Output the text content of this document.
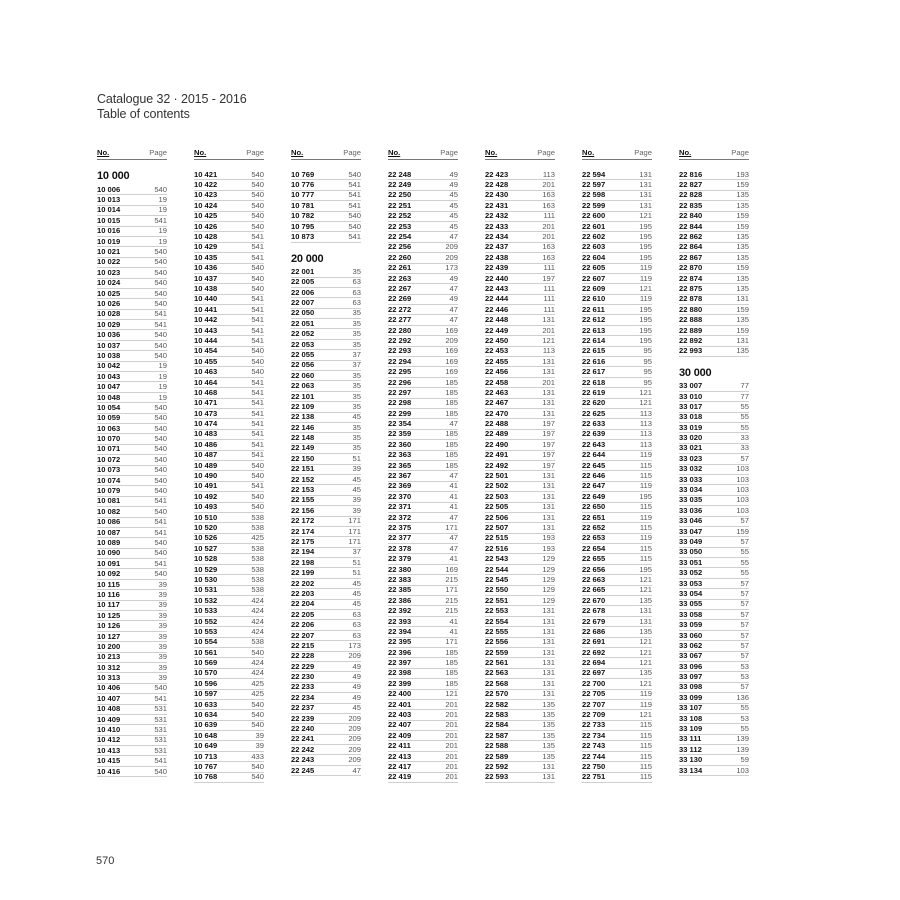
Catalogue 32 · 2015 - 2016
Table of contents
No.	Page
10 000
10 006	540
10 013	19
10 014	19
10 015	541
10 016	19
10 019	19
10 021	540
10 022	540
10 023	540
10 024	540
10 025	540
10 026	540
10 028	541
10 029	541
10 036	540
10 037	540
10 038	540
10 042	19
10 043	19
10 047	19
10 048	19
10 054	540
10 059	540
10 063	540
10 070	540
10 071	540
10 072	540
10 073	540
10 074	540
10 079	540
10 081	541
10 082	540
10 086	541
10 087	541
10 089	540
10 090	540
10 091	541
10 092	540
10 115	39
10 116	39
10 117	39
10 125	39
10 126	39
10 127	39
10 200	39
10 213	39
10 312	39
10 313	39
10 406	540
10 407	541
10 408	531
10 409	531
10 410	531
10 412	531
10 413	531
10 415	541
10 416	540
No.	Page
10 421	540
10 422	540
10 423	540
10 424	540
10 425	540
10 426	540
10 428	541
10 429	541
10 435	541
10 436	540
10 437	540
10 438	540
10 440	541
10 441	541
10 442	541
10 443	541
10 444	541
10 454	540
10 455	540
10 463	540
10 464	541
10 468	541
10 471	541
10 473	541
10 474	541
10 483	541
10 486	541
10 487	541
10 489	540
10 490	540
10 491	541
10 492	540
10 493	540
10 510	538
10 520	538
10 526	425
10 527	538
10 528	538
10 529	538
10 530	538
10 531	538
10 532	424
10 533	424
10 552	424
10 553	424
10 554	538
10 561	540
10 569	424
10 570	424
10 596	425
10 597	425
10 633	540
10 634	540
10 639	540
10 648	39
10 649	39
10 713	433
10 767	540
10 768	540
No.	Page
10 769	540
10 776	541
10 777	541
10 781	541
10 782	540
10 795	540
10 873	541
20 000
22 001	35
22 005	63
22 006	63
22 007	63
22 050	35
22 051	35
22 052	35
22 053	35
22 055	37
22 056	37
22 060	35
22 063	35
22 101	35
22 109	35
22 138	45
22 146	35
22 148	35
22 149	35
22 150	51
22 151	39
22 152	45
22 153	45
22 155	39
22 156	39
22 172	171
22 174	171
22 175	171
22 194	37
22 198	51
22 199	51
22 202	45
22 203	45
22 204	45
22 205	63
22 206	63
22 207	63
22 215	173
22 228	209
22 229	49
22 230	49
22 233	49
22 234	49
22 237	45
22 239	209
22 240	209
22 241	209
22 242	209
22 243	209
22 245	47
No.	Page
22 248	49
22 249	49
22 250	45
22 251	45
22 252	45
22 253	45
22 254	47
22 256	209
22 260	209
22 261	173
22 263	49
22 267	47
22 269	49
22 272	47
22 277	47
22 280	169
22 292	209
22 293	169
22 294	169
22 295	169
22 296	185
22 297	185
22 298	185
22 299	185
22 354	47
22 359	185
22 360	185
22 363	185
22 365	185
22 367	47
22 369	41
22 370	41
22 371	41
22 372	47
22 375	171
22 377	47
22 378	47
22 379	41
22 380	169
22 383	215
22 385	171
22 386	215
22 392	215
22 393	41
22 394	41
22 395	171
22 396	185
22 397	185
22 398	185
22 399	185
22 400	121
22 401	201
22 403	201
22 407	201
22 409	201
22 411	201
22 413	201
22 417	201
22 419	201
No.	Page
22 423	113
22 428	201
22 430	163
22 431	163
22 432	111
22 433	201
22 434	201
22 437	163
22 438	163
22 439	111
22 440	197
22 443	111
22 444	111
22 446	111
22 448	131
22 449	201
22 450	121
22 453	113
22 455	131
22 456	131
22 458	201
22 463	131
22 467	131
22 470	131
22 488	197
22 489	197
22 490	197
22 491	197
22 492	197
22 501	131
22 502	131
22 503	131
22 505	131
22 506	131
22 507	131
22 515	193
22 516	193
22 543	129
22 544	129
22 545	129
22 550	129
22 551	129
22 553	131
22 554	131
22 555	131
22 556	131
22 559	131
22 561	131
22 563	131
22 568	131
22 570	131
22 582	135
22 583	135
22 584	135
22 587	135
22 588	135
22 589	135
22 592	131
22 593	131
No.	Page
22 594	131
22 597	131
22 598	131
22 599	131
22 600	121
22 601	195
22 602	195
22 603	195
22 604	195
22 605	119
22 607	119
22 609	121
22 610	119
22 611	195
22 612	195
22 613	195
22 614	195
22 615	95
22 616	95
22 617	95
22 618	95
22 619	121
22 620	121
22 625	113
22 633	113
22 639	113
22 643	113
22 644	119
22 645	115
22 646	115
22 647	119
22 649	195
22 650	115
22 651	119
22 652	115
22 653	119
22 654	115
22 655	115
22 656	195
22 663	121
22 665	121
22 670	135
22 678	131
22 679	131
22 686	135
22 691	121
22 692	121
22 694	121
22 697	135
22 700	121
22 705	119
22 707	119
22 709	121
22 733	115
22 734	115
22 743	115
22 744	115
22 750	115
22 751	115
No.	Page
22 816	193
22 827	159
22 828	135
22 835	135
22 840	159
22 844	159
22 862	135
22 864	135
22 867	135
22 870	159
22 874	135
22 875	135
22 878	131
22 880	159
22 888	135
22 889	159
22 892	131
22 993	135
30 000
33 007	77
33 010	77
33 017	55
33 018	55
33 019	55
33 020	33
33 021	33
33 023	57
33 032	103
33 033	103
33 034	103
33 035	103
33 036	103
33 046	57
33 047	159
33 049	57
33 050	55
33 051	55
33 052	55
33 053	57
33 054	57
33 055	57
33 058	57
33 059	57
33 060	57
33 062	57
33 067	57
33 096	53
33 097	53
33 098	57
33 099	136
33 107	55
33 108	53
33 109	55
33 111	139
33 112	139
33 130	59
33 134	103
570
